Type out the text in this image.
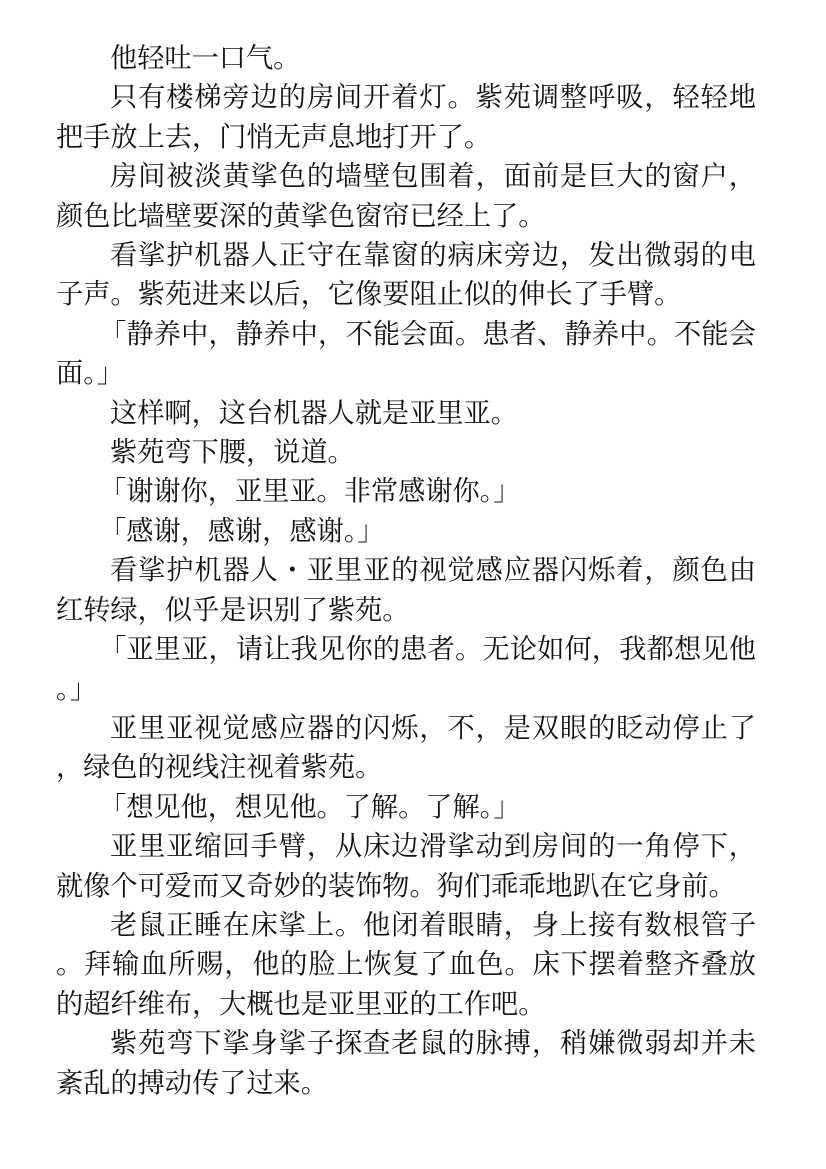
他轻吐一口气。

只有楼梯旁边的房间开着灯。紫苑调整呼吸，轻轻地把手放上去，门悄无声息地打开了。

房间被淡黄挲色的墙壁包围着，面前是巨大的窗户，颜色比墙壁要深的黄挲色窗帘已经上了。

看挲护机器人正守在靠窗的病床旁边，发出微弱的电子声。紫苑进来以后，它像要阻止似的伸长了手臂。

「静养中，静养中，不能会面。患者、静养中。不能会面。」

这样啊，这台机器人就是亚里亚。

紫苑弯下腰，说道。

「谢谢你，亚里亚。非常感谢你。」

「感谢，感谢，感谢。」

看挲护机器人・亚里亚的视觉感应器闪烁着，颜色由红转绿，似乎是识别了紫苑。

「亚里亚，请让我见你的患者。无论如何，我都想见他。」

亚里亚视觉感应器的闪烁，不，是双眼的眨动停止了，绿色的视线注视着紫苑。

「想见他，想见他。了解。了解。」

亚里亚缩回手臂，从床边滑挲动到房间的一角停下，就像个可爱而又奇妙的装饰物。狗们乖乖地趴在它身前。

老鼠正睡在床挲上。他闭着眼睛，身上接有数根管子。拜输血所赐，他的脸上恢复了血色。床下摆着整齐叠放的超纤维布，大概也是亚里亚的工作吧。

紫苑弯下挲身挲子探查老鼠的脉搏，稍嫌微弱却并未紊乱的搏动传了过来。
